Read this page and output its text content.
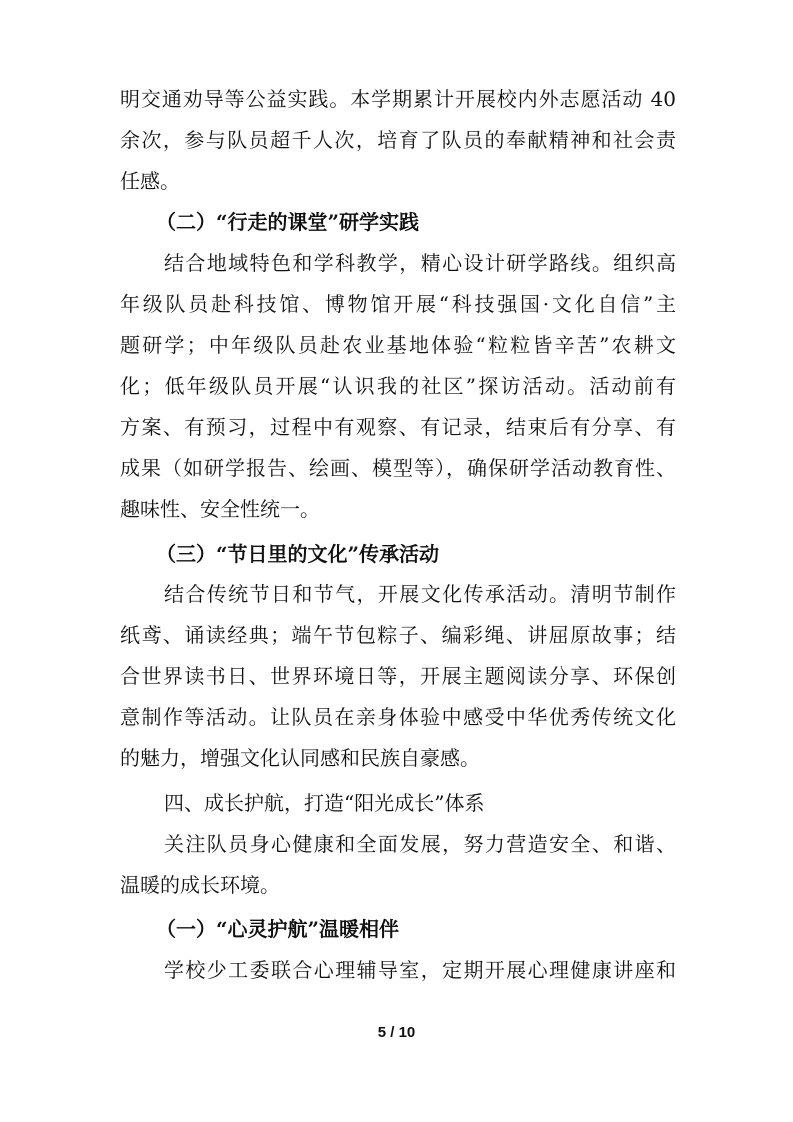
明交通劝导等公益实践。本学期累计开展校内外志愿活动 40
余次，参与队员超千人次，培育了队员的奉献精神和社会责
任感。
（二）“行走的课堂”研学实践
结合地域特色和学科教学，精心设计研学路线。组织高
年级队员赴科技馆、博物馆开展“科技强国·文化自信”主
题研学；中年级队员赴农业基地体验“粒粒皆辛苦”农耕文
化；低年级队员开展“认识我的社区”探访活动。活动前有
方案、有预习，过程中有观察、有记录，结束后有分享、有
成果（如研学报告、绘画、模型等），确保研学活动教育性、
趣味性、安全性统一。
（三）“节日里的文化”传承活动
结合传统节日和节气，开展文化传承活动。清明节制作
纸鸢、诵读经典；端午节包粽子、编彩绳、讲屈原故事；结
合世界读书日、世界环境日等，开展主题阅读分享、环保创
意制作等活动。让队员在亲身体验中感受中华优秀传统文化
的魅力，增强文化认同感和民族自豪感。
四、成长护航，打造“阳光成长”体系
关注队员身心健康和全面发展，努力营造安全、和谐、
温暖的成长环境。
（一）“心灵护航”温暖相伴
学校少工委联合心理辅导室，定期开展心理健康讲座和
5 / 10
